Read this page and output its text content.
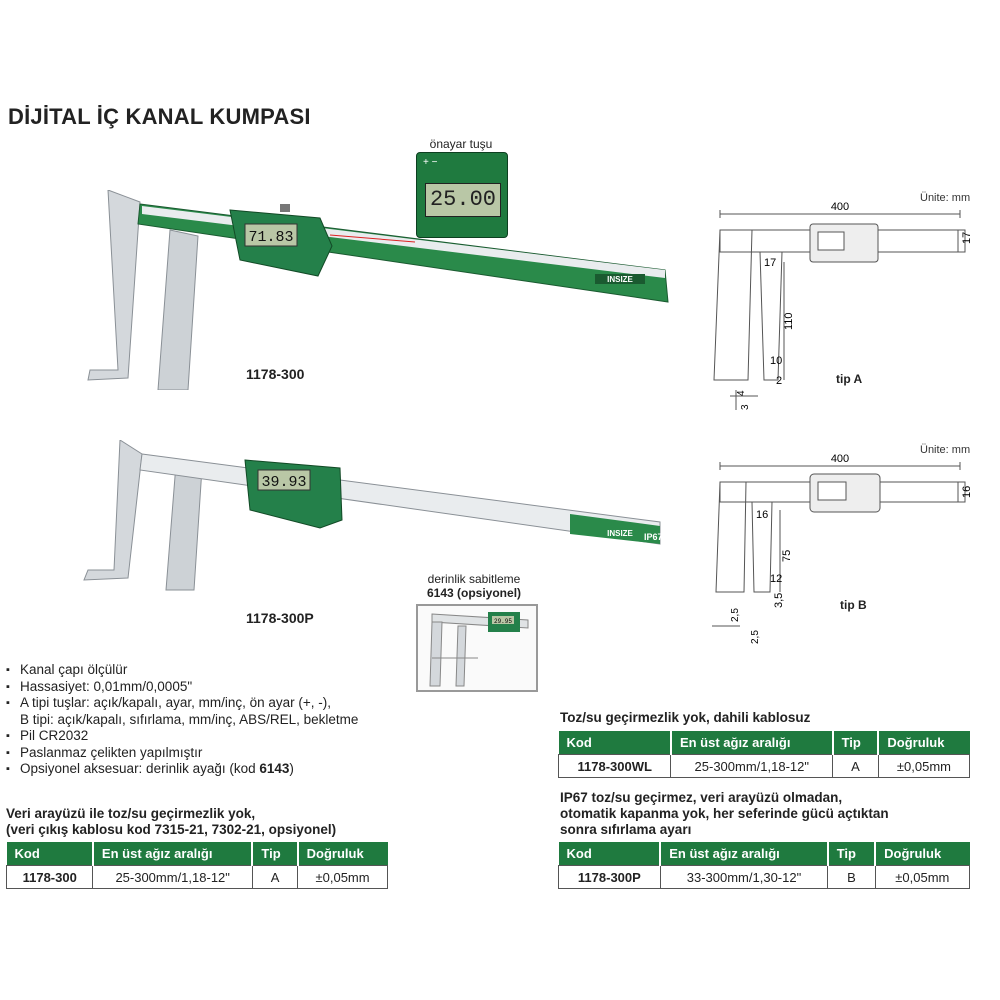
DİJİTAL İÇ KANAL KUMPASI
71.83
INSIZE
önayar tuşu
+ −
25.00
1178-300
Ünite: mm
400
17
17
110
10
2
4
3
tip A
INSIZE IP67
39.93
1178-300P
Ünite: mm
400
16
16
75
12
3,5
2,5
2,5
tip B
derinlik sabitleme
6143 (opsiyonel)
29.95
▪ Kanal çapı ölçülür
▪ Hassasiyet: 0,01mm/0,0005"
▪ A tipi tuşlar: açık/kapalı, ayar, mm/inç, ön ayar (+, -),
B tipi: açık/kapalı, sıfırlama, mm/inç, ABS/REL, bekletme
▪ Pil CR2032
▪ Paslanmaz çelikten yapılmıştır
▪ Opsiyonel aksesuar: derinlik ayağı (kod 6143)
Veri arayüzü ile toz/su geçirmezlik yok,
(veri çıkış kablosu kod 7315-21, 7302-21, opsiyonel)
Kod	En üst ağız aralığı	Tip	Doğruluk
1178-300	25-300mm/1,18-12"	A	±0,05mm
Toz/su geçirmezlik yok, dahili kablosuz
Kod	En üst ağız aralığı	Tip	Doğruluk
1178-300WL	25-300mm/1,18-12"	A	±0,05mm
IP67 toz/su geçirmez, veri arayüzü olmadan,
otomatik kapanma yok, her seferinde gücü açtıktan
sonra sıfırlama ayarı
Kod	En üst ağız aralığı	Tip	Doğruluk
1178-300P	33-300mm/1,30-12"	B	±0,05mm
